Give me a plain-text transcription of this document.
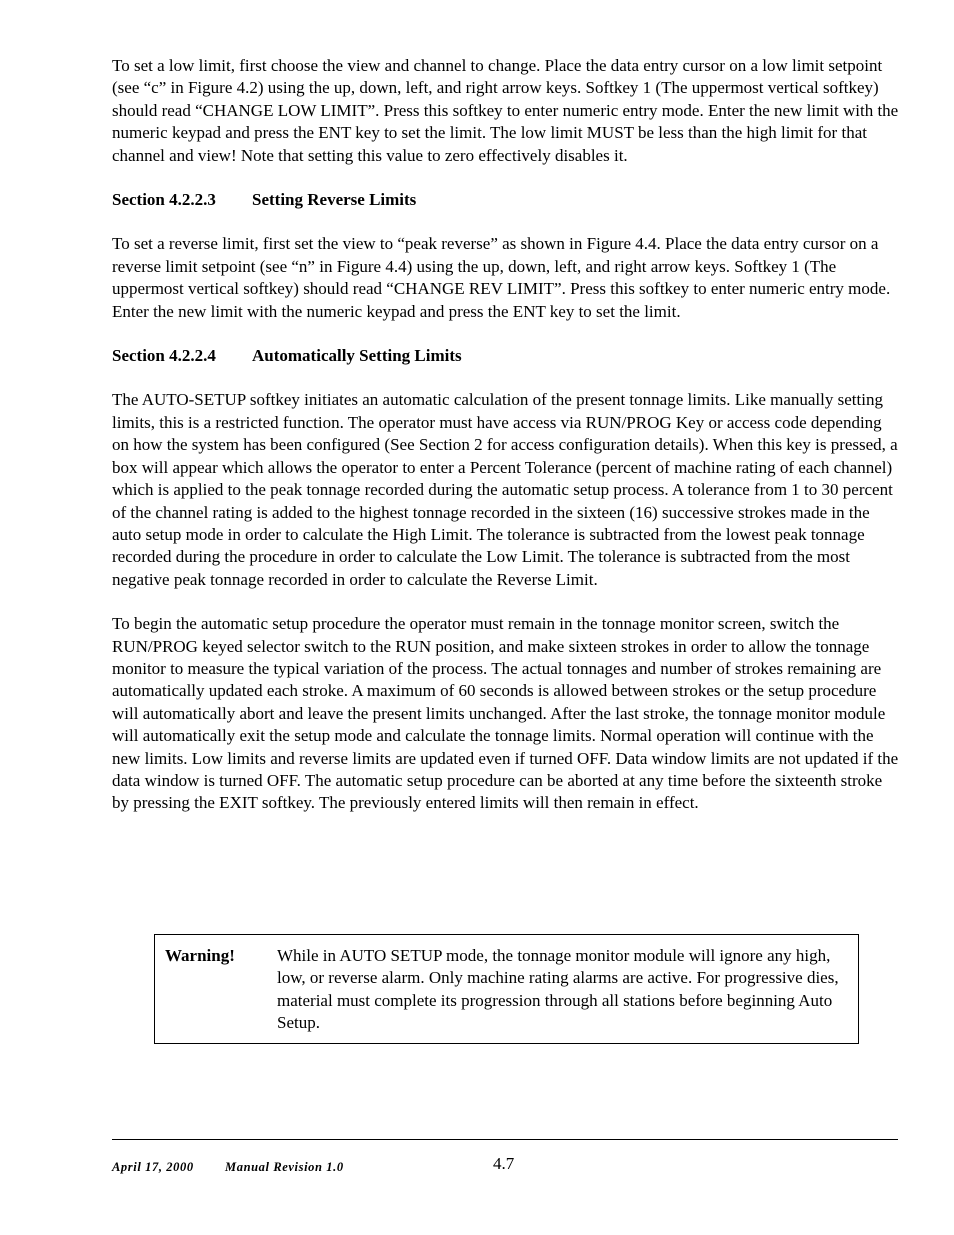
To set a low limit, first choose the view and channel to change. Place the data entry cursor on a low limit setpoint (see “c” in Figure 4.2) using the up, down, left, and right arrow keys. Softkey 1 (The uppermost vertical softkey) should read “CHANGE LOW LIMIT”. Press this softkey to enter numeric entry mode. Enter the new limit with the numeric keypad and press the ENT key to set the limit. The low limit MUST be less than the high limit for that channel and view! Note that setting this value to zero effectively disables it.

Section 4.2.2.3	Setting Reverse Limits

To set a reverse limit, first set the view to “peak reverse” as shown in Figure 4.4. Place the data entry cursor on a reverse limit setpoint (see “n” in Figure 4.4) using the up, down, left, and right arrow keys. Softkey 1 (The uppermost vertical softkey) should read “CHANGE REV LIMIT”. Press this softkey to enter numeric entry mode. Enter the new limit with the numeric keypad and press the ENT key to set the limit.

Section 4.2.2.4	Automatically Setting Limits

The AUTO-SETUP softkey initiates an automatic calculation of the present tonnage limits. Like manually setting limits, this is a restricted function. The operator must have access via RUN/PROG Key or access code depending on how the system has been configured (See Section 2 for access configuration details). When this key is pressed, a box will appear which allows the operator to enter a Percent Tolerance (percent of machine rating of each channel) which is applied to the peak tonnage recorded during the automatic setup process. A tolerance from 1 to 30 percent of the channel rating is added to the highest tonnage recorded in the sixteen (16) successive strokes made in the auto setup mode in order to calculate the High Limit. The tolerance is subtracted from the lowest peak tonnage recorded during the procedure in order to calculate the Low Limit. The tolerance is subtracted from the most negative peak tonnage recorded in order to calculate the Reverse Limit.

To begin the automatic setup procedure the operator must remain in the tonnage monitor screen, switch the RUN/PROG keyed selector switch to the RUN position, and make sixteen strokes in order to allow the tonnage monitor to measure the typical variation of the process. The actual tonnages and number of strokes remaining are automatically updated each stroke. A maximum of 60 seconds is allowed between strokes or the setup procedure will automatically abort and leave the present limits unchanged. After the last stroke, the tonnage monitor module will automatically exit the setup mode and calculate the tonnage limits. Normal operation will continue with the new limits. Low limits and reverse limits are updated even if turned OFF. Data window limits are not updated if the data window is turned OFF. The automatic setup procedure can be aborted at any time before the sixteenth stroke by pressing the EXIT softkey. The previously entered limits will then remain in effect.

Warning! While in AUTO SETUP mode, the tonnage monitor module will ignore any high, low, or reverse alarm. Only machine rating alarms are active. For progressive dies, material must complete its progression through all stations before beginning Auto Setup.
April 17, 2000	Manual Revision 1.0	4.7
